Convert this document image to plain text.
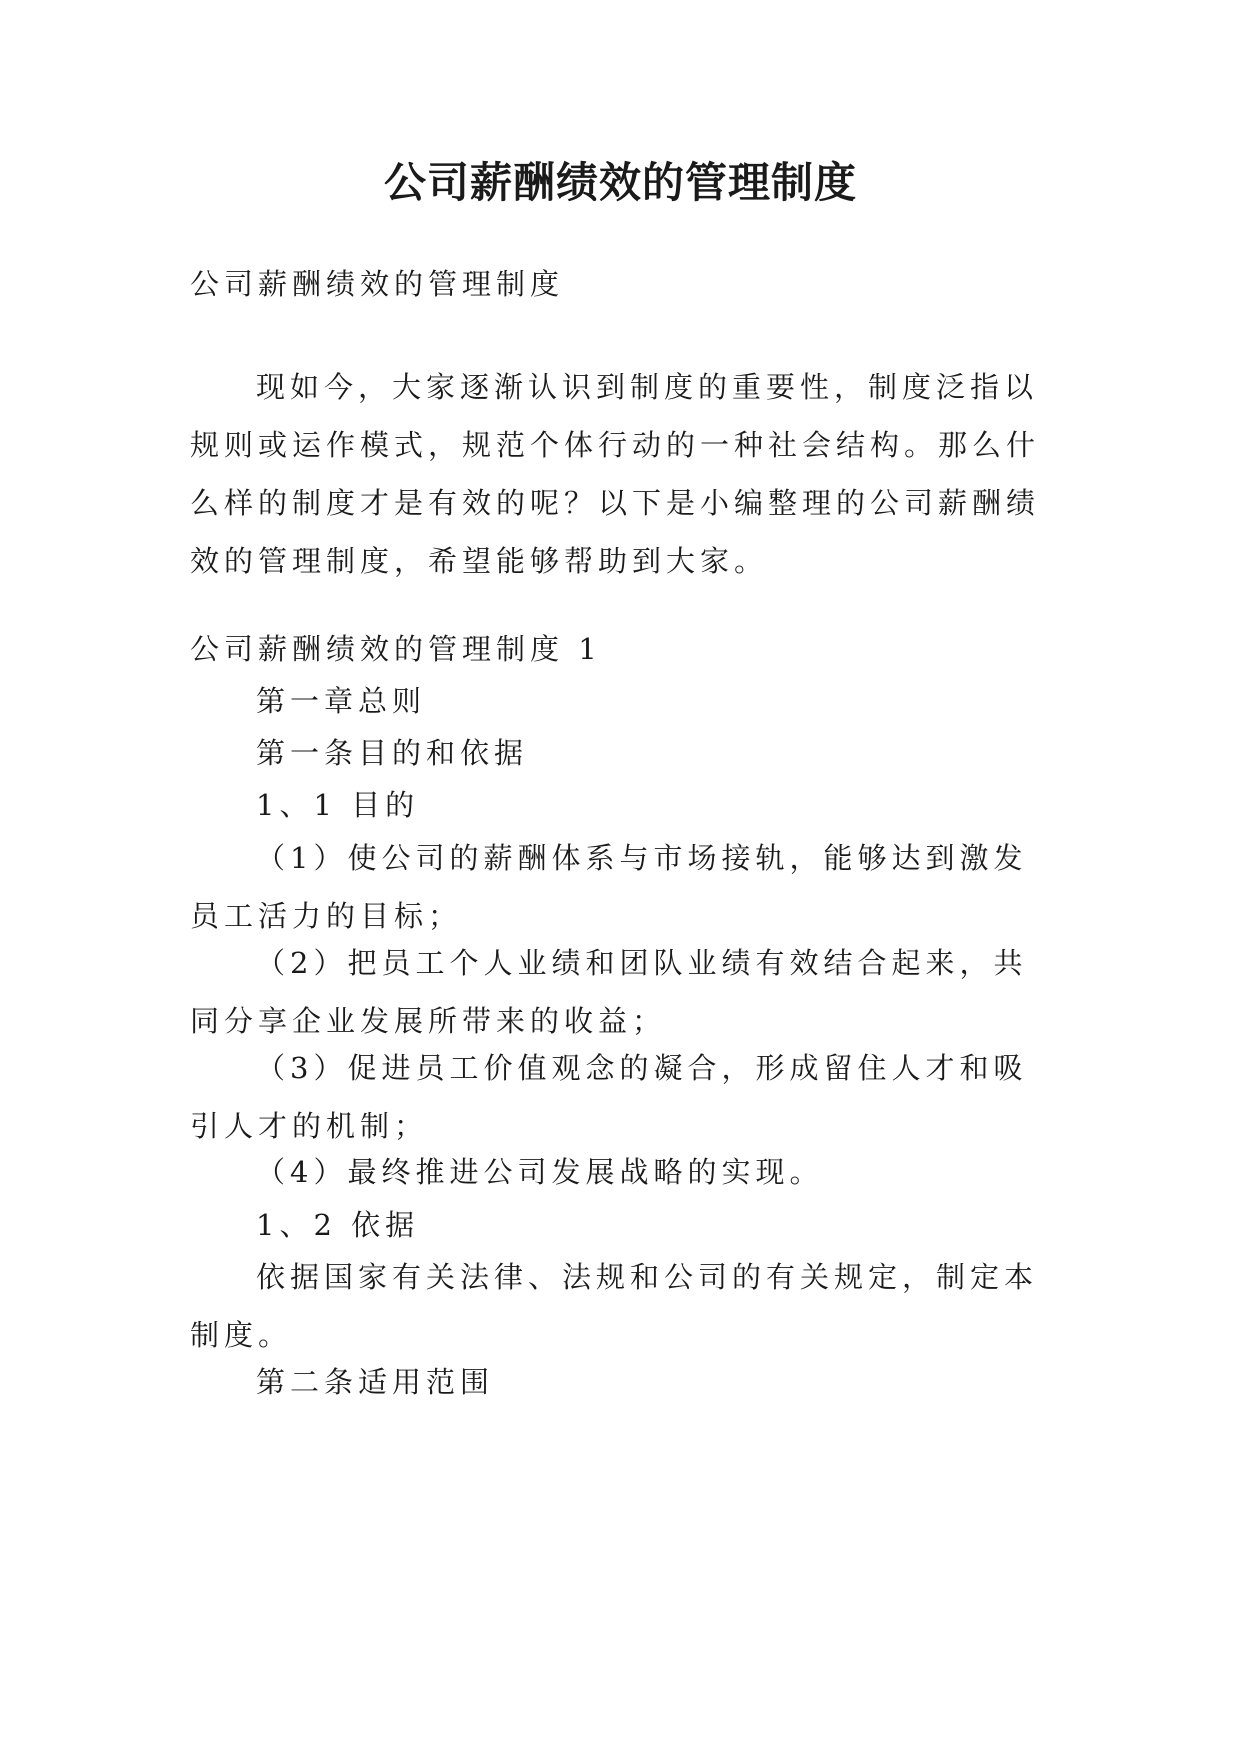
公司薪酬绩效的管理制度

公司薪酬绩效的管理制度

现如今，大家逐渐认识到制度的重要性，制度泛指以规则或运作模式，规范个体行动的一种社会结构。那么什么样的制度才是有效的呢？以下是小编整理的公司薪酬绩效的管理制度，希望能够帮助到大家。

公司薪酬绩效的管理制度 1

第一章总则

第一条目的和依据

1、1 目的

（1）使公司的薪酬体系与市场接轨，能够达到激发员工活力的目标；

（2）把员工个人业绩和团队业绩有效结合起来，共同分享企业发展所带来的收益；

（3）促进员工价值观念的凝合，形成留住人才和吸引人才的机制；

（4）最终推进公司发展战略的实现。

1、2 依据

依据国家有关法律、法规和公司的有关规定，制定本制度。

第二条适用范围
